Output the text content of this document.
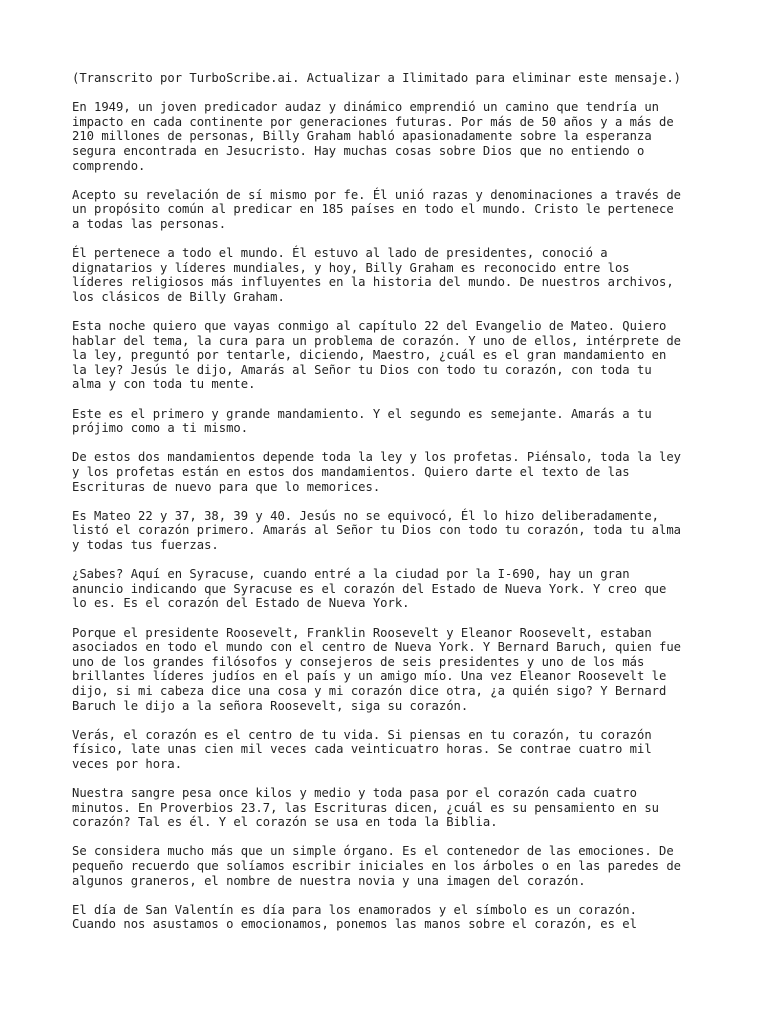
(Transcrito por TurboScribe.ai. Actualizar a Ilimitado para eliminar este mensaje.)
En 1949, un joven predicador audaz y dinámico emprendió un camino que tendría un
impacto en cada continente por generaciones futuras. Por más de 50 años y a más de
210 millones de personas, Billy Graham habló apasionadamente sobre la esperanza
segura encontrada en Jesucristo. Hay muchas cosas sobre Dios que no entiendo o
comprendo.
Acepto su revelación de sí mismo por fe. Él unió razas y denominaciones a través de
un propósito común al predicar en 185 países en todo el mundo. Cristo le pertenece
a todas las personas.
Él pertenece a todo el mundo. Él estuvo al lado de presidentes, conoció a
dignatarios y líderes mundiales, y hoy, Billy Graham es reconocido entre los
líderes religiosos más influyentes en la historia del mundo. De nuestros archivos,
los clásicos de Billy Graham.
Esta noche quiero que vayas conmigo al capítulo 22 del Evangelio de Mateo. Quiero
hablar del tema, la cura para un problema de corazón. Y uno de ellos, intérprete de
la ley, preguntó por tentarle, diciendo, Maestro, ¿cuál es el gran mandamiento en
la ley? Jesús le dijo, Amarás al Señor tu Dios con todo tu corazón, con toda tu
alma y con toda tu mente.
Este es el primero y grande mandamiento. Y el segundo es semejante. Amarás a tu
prójimo como a ti mismo.
De estos dos mandamientos depende toda la ley y los profetas. Piénsalo, toda la ley
y los profetas están en estos dos mandamientos. Quiero darte el texto de las
Escrituras de nuevo para que lo memorices.
Es Mateo 22 y 37, 38, 39 y 40. Jesús no se equivocó, Él lo hizo deliberadamente,
listó el corazón primero. Amarás al Señor tu Dios con todo tu corazón, toda tu alma
y todas tus fuerzas.
¿Sabes? Aquí en Syracuse, cuando entré a la ciudad por la I-690, hay un gran
anuncio indicando que Syracuse es el corazón del Estado de Nueva York. Y creo que
lo es. Es el corazón del Estado de Nueva York.
Porque el presidente Roosevelt, Franklin Roosevelt y Eleanor Roosevelt, estaban
asociados en todo el mundo con el centro de Nueva York. Y Bernard Baruch, quien fue
uno de los grandes filósofos y consejeros de seis presidentes y uno de los más
brillantes líderes judíos en el país y un amigo mío. Una vez Eleanor Roosevelt le
dijo, si mi cabeza dice una cosa y mi corazón dice otra, ¿a quién sigo? Y Bernard
Baruch le dijo a la señora Roosevelt, siga su corazón.
Verás, el corazón es el centro de tu vida. Si piensas en tu corazón, tu corazón
físico, late unas cien mil veces cada veinticuatro horas. Se contrae cuatro mil
veces por hora.
Nuestra sangre pesa once kilos y medio y toda pasa por el corazón cada cuatro
minutos. En Proverbios 23.7, las Escrituras dicen, ¿cuál es su pensamiento en su
corazón? Tal es él. Y el corazón se usa en toda la Biblia.
Se considera mucho más que un simple órgano. Es el contenedor de las emociones. De
pequeño recuerdo que solíamos escribir iniciales en los árboles o en las paredes de
algunos graneros, el nombre de nuestra novia y una imagen del corazón.
El día de San Valentín es día para los enamorados y el símbolo es un corazón.
Cuando nos asustamos o emocionamos, ponemos las manos sobre el corazón, es el
